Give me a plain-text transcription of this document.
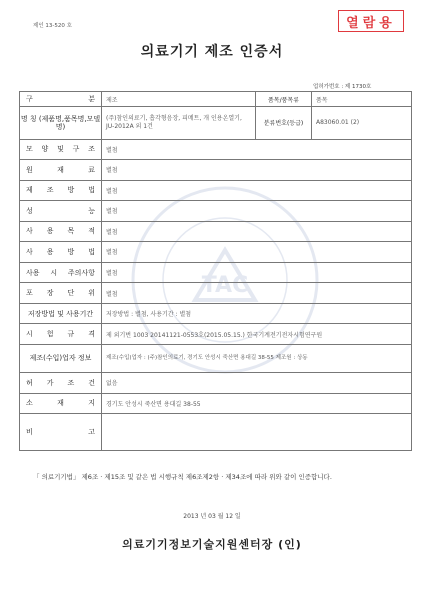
제인 13-520 호	열람용
의료기기 제조 인증서
업허가번호 : 제 1730호
TAC
구 분	제조	품목/품목류	품목
명 칭 (제품명,품목명,모델명)	(주)참인의료기, 흡각형음장, 피메트, 개 인용온열기, JU-2012A 외 1건	분류번호(등급)	A83060.01 (2)

모 양 및 구 조	별첨		

원 재 료	별첨		

제 조 방 법	별첨		

성 능	별첨		

사 용 목 적	별첨		

사 용 방 법	별첨		

사용 시 주의사항	별첨		

포 장 단 위	별첨		
저장방법 및 사용기간	저장방법 : 별첨, 사용기간 : 별첨		

시 험 규 격	제 외기번 1003 20141121-0553호(2015.05.15.) 한국기계전기전자시험연구원		
제조(수입)업자 정보	제조(수입)업자 : (주)참인의료기, 경기도 안성시 죽산면 용대길 38-55 제조원 : 상동		

허 가 조 건	없음		

소 재 지	경기도 안성시 죽산면 용대길 38-55		

비 고			

「 의료기기법」 제6조 · 제15조 및 같은 법 시행규칙 제6조제2항 · 제34조에 따라 위와 같이 인증합니다.
2013 년 03 월 12 일
의료기기정보기술지원센터장 (인)
